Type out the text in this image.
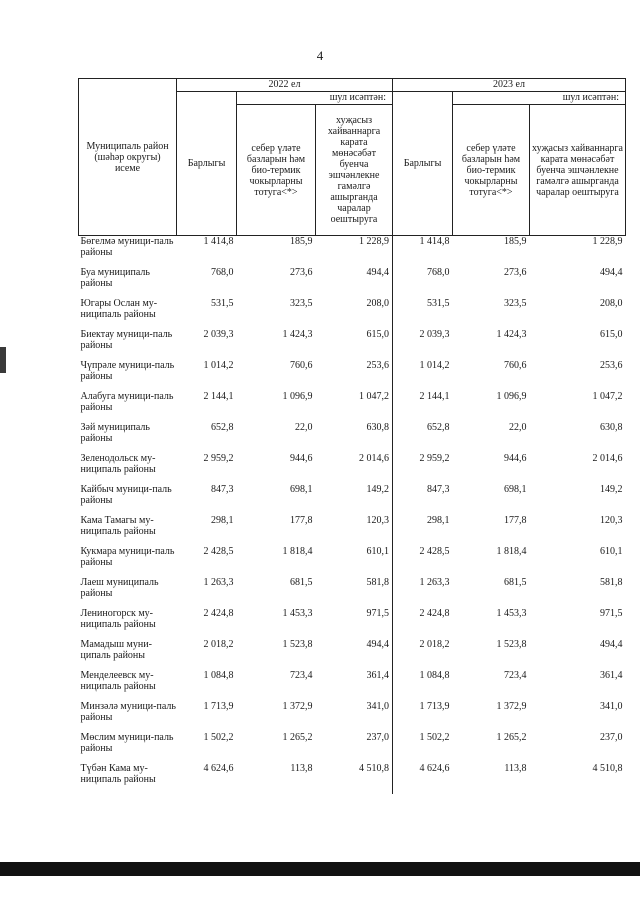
4
Муниципаль район (шәһәр округы) исеме	2022 ел			2023 ел		
	Барлыгы	шул исәптән:		Барлыгы	шул исәптән:	
		себер үләте базларын һәм био-термик чокырларны тотуга<*>	хуҗасыз хайваннарга карата мөнәсәбәт буенча эшчәнлекне гамәлгә ашырганда чаралар оештыруга		себер үләте базларын һәм био-термик чокырларны тотуга<*>	хуҗасыз хайваннарга карата мөнәсәбәт буенча эшчәнлекне гамәлгә ашырганда чаралар оештыруга
Бөгелмә муници-паль районы	1 414,8	185,9	1 228,9	1 414,8	185,9	1 228,9
Буа муниципаль районы	768,0	273,6	494,4	768,0	273,6	494,4
Югары Ослан му-ниципаль районы	531,5	323,5	208,0	531,5	323,5	208,0
Биектау муници-паль районы	2 039,3	1 424,3	615,0	2 039,3	1 424,3	615,0
Чүпрәле муници-паль районы	1 014,2	760,6	253,6	1 014,2	760,6	253,6
Алабуга муници-паль районы	2 144,1	1 096,9	1 047,2	2 144,1	1 096,9	1 047,2
Зәй муниципаль районы	652,8	22,0	630,8	652,8	22,0	630,8
Зеленодольск му-ниципаль районы	2 959,2	944,6	2 014,6	2 959,2	944,6	2 014,6
Кайбыч муници-паль районы	847,3	698,1	149,2	847,3	698,1	149,2
Кама Тамагы му-ниципаль районы	298,1	177,8	120,3	298,1	177,8	120,3
Кукмара муници-паль районы	2 428,5	1 818,4	610,1	2 428,5	1 818,4	610,1
Лаеш муниципаль районы	1 263,3	681,5	581,8	1 263,3	681,5	581,8
Лениногорск му-ниципаль районы	2 424,8	1 453,3	971,5	2 424,8	1 453,3	971,5
Мамадыш муни-ципаль районы	2 018,2	1 523,8	494,4	2 018,2	1 523,8	494,4
Менделеевск му-ниципаль районы	1 084,8	723,4	361,4	1 084,8	723,4	361,4
Минзәлә муници-паль районы	1 713,9	1 372,9	341,0	1 713,9	1 372,9	341,0
Мөслим муници-паль районы	1 502,2	1 265,2	237,0	1 502,2	1 265,2	237,0
Түбән Кама му-ниципаль районы	4 624,6	113,8	4 510,8	4 624,6	113,8	4 510,8
